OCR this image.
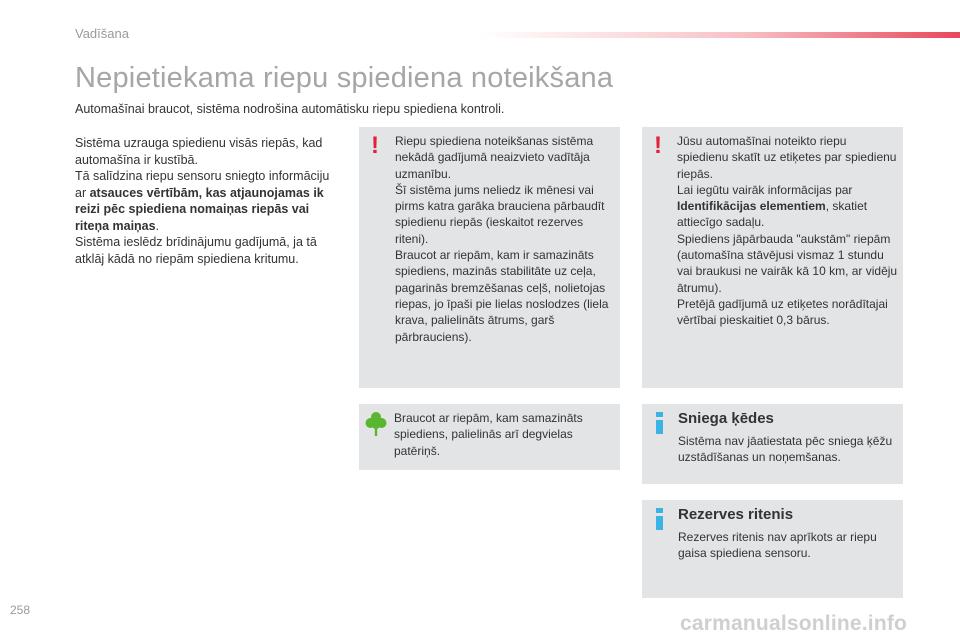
Vadīšana
Nepietiekama riepu spiediena noteikšana
Automašīnai braucot, sistēma nodrošina automātisku riepu spiediena kontroli.

Sistēma uzrauga spiedienu visās riepās, kad automašīna ir kustībā.

Tā salīdzina riepu sensoru sniegto informāciju ar atsauces vērtībām, kas atjaunojamas ik reizi pēc spiediena nomaiņas riepās vai riteņa maiņas.

Sistēma ieslēdz brīdinājumu gadījumā, ja tā atklāj kādā no riepām spiediena kritumu.

!	Riepu spiediena noteikšanas sistēma nekādā gadījumā neaizvieto vadītāja uzmanību.

Šī sistēma jums neliedz ik mēnesi vai pirms katra garāka brauciena pārbaudīt spiedienu riepās (ieskaitot rezerves riteni).

Braucot ar riepām, kam ir samazināts spiediens, mazinās stabilitāte uz ceļa, pagarinās bremzēšanas ceļš, nolietojas riepas, jo īpaši pie lielas noslodzes (liela krava, palielināts ātrums, garš pārbrauciens).

!	Jūsu automašīnai noteikto riepu spiedienu skatīt uz etiķetes par spiedienu riepās.

Lai iegūtu vairāk informācijas par Identifikācijas elementiem, skatiet attiecīgo sadaļu.

Spiediens jāpārbauda "aukstām" riepām (automašīna stāvējusi vismaz 1 stundu vai braukusi ne vairāk kā 10 km, ar vidēju ātrumu).

Pretējā gadījumā uz etiķetes norādītajai vērtībai pieskaitiet 0,3 bārus.

Braucot ar riepām, kam samazināts spiediens, palielinās arī degvielas patēriņš.
Sniega ķēdes
Sistēma nav jāatiestata pēc sniega ķēžu uzstādīšanas un noņemšanas.
Rezerves ritenis
Rezerves ritenis nav aprīkots ar riepu gaisa spiediena sensoru.
258
carmanualsonline.info
